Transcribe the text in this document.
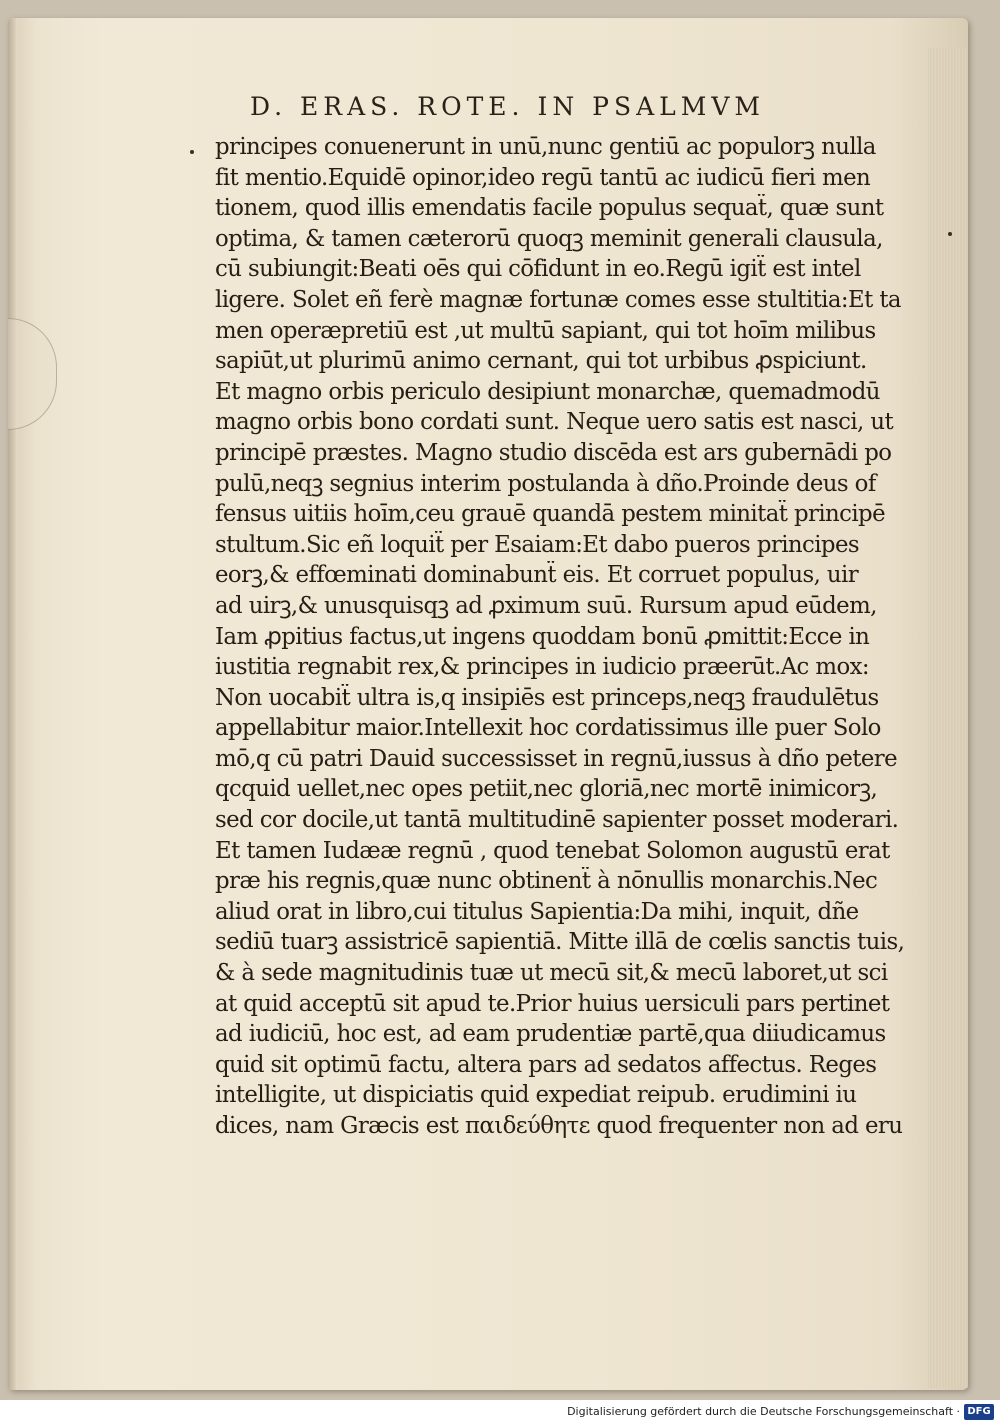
D. ERAS. ROTE. IN PSALMVM
principes conuenerunt in unū,nunc gentiū ac populorꝫ nulla
fit mentio.Equidē opinor,ideo regū tantū ac iudicū fieri men
tionem, quod illis emendatis facile populus sequaẗ, quæ sunt
optima, & tamen cæterorū quoqꝫ meminit generali clausula,
cū subiungit:Beati oēs qui cōfidunt in eo.Regū igiẗ est intel
ligere. Solet eñ ferè magnæ fortunæ comes esse stultitia:Et ta
men operæpretiū est ,ut multū sapiant, qui tot hoīm milibus
sapiūt,ut plurimū animo cernant, qui tot urbibus ꝓspiciunt.
Et magno orbis periculo desipiunt monarchæ, quemadmodū
magno orbis bono cordati sunt. Neque uero satis est nasci, ut
principē præstes. Magno studio discēda est ars gubernādi po
pulū,neqꝫ segnius interim postulanda à dño.Proinde deus of
fensus uitiis hoīm,ceu grauē quandā pestem minitaẗ principē
stultum.Sic eñ loquiẗ per Esaiam:Et dabo pueros principes
eorꝫ,& effœminati dominabunẗ eis. Et corruet populus, uir
ad uirꝫ,& unusquisqꝫ ad ꝓximum suū. Rursum apud eūdem,
Iam ꝓpitius factus,ut ingens quoddam bonū ꝓmittit:Ecce in
iustitia regnabit rex,& principes in iudicio præerūt.Ac mox:
Non uocabiẗ ultra is,q insipiēs est princeps,neqꝫ fraudulētus
appellabitur maior.Intellexit hoc cordatissimus ille puer Solo
mō,q cū patri Dauid successisset in regnū,iussus à dño petere
qcquid uellet,nec opes petiit,nec gloriā,nec mortē inimicorꝫ,
sed cor docile,ut tantā multitudinē sapienter posset moderari.
Et tamen Iudææ regnū , quod tenebat Solomon augustū erat
præ his regnis,quæ nunc obtinenẗ à nōnullis monarchis.Nec
aliud orat in libro,cui titulus Sapientia:Da mihi, inquit, dñe
sediū tuarꝫ assistricē sapientiā. Mitte illā de cœlis sanctis tuis,
& à sede magnitudinis tuæ ut mecū sit,& mecū laboret,ut sci
at quid acceptū sit apud te.Prior huius uersiculi pars pertinet
ad iudiciū, hoc est, ad eam prudentiæ partē,qua diiudicamus
quid sit optimū factu, altera pars ad sedatos affectus. Reges
intelligite, ut dispiciatis quid expediat reipub. erudimini iu
dices, nam Græcis est παιδεύθητε quod frequenter non ad eru
Digitalisierung gefördert durch die Deutsche Forschungsgemeinschaft · DFG
